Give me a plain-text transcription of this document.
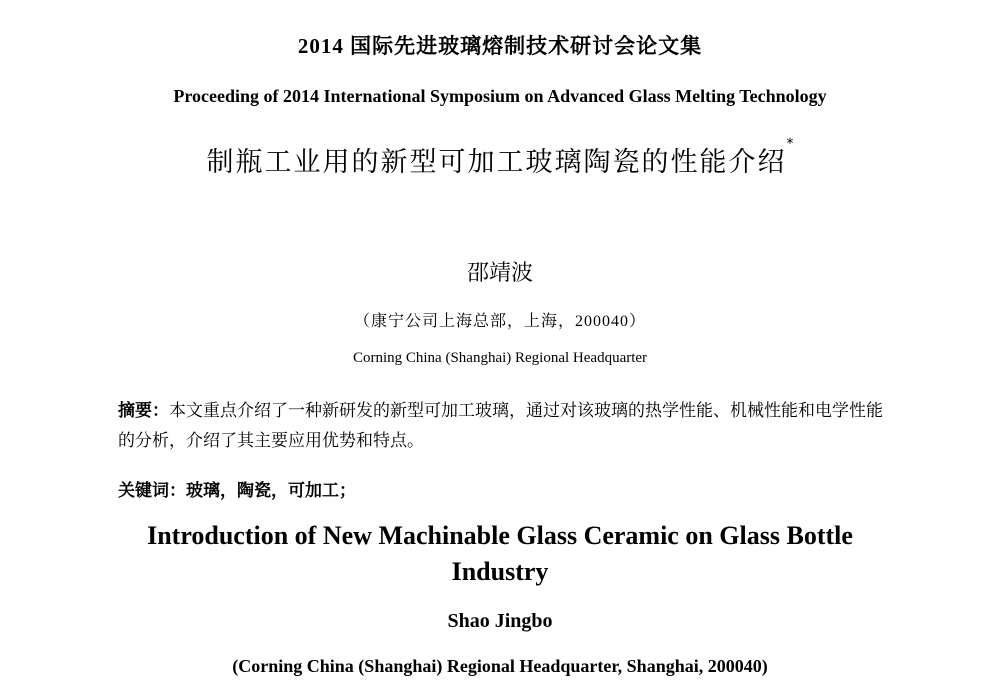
2014 国际先进玻璃熔制技术研讨会论文集
Proceeding of 2014 International Symposium on Advanced Glass Melting Technology
制瓶工业用的新型可加工玻璃陶瓷的性能介绍*
邵靖波
（康宁公司上海总部，上海，200040）
Corning China (Shanghai) Regional Headquarter
摘要：本文重点介绍了一种新研发的新型可加工玻璃，通过对该玻璃的热学性能、机械性能和电学性能的分析，介绍了其主要应用优势和特点。
关键词：玻璃，陶瓷，可加工；
Introduction of New Machinable Glass Ceramic on Glass Bottle Industry
Shao Jingbo
(Corning China (Shanghai) Regional Headquarter, Shanghai, 200040)
